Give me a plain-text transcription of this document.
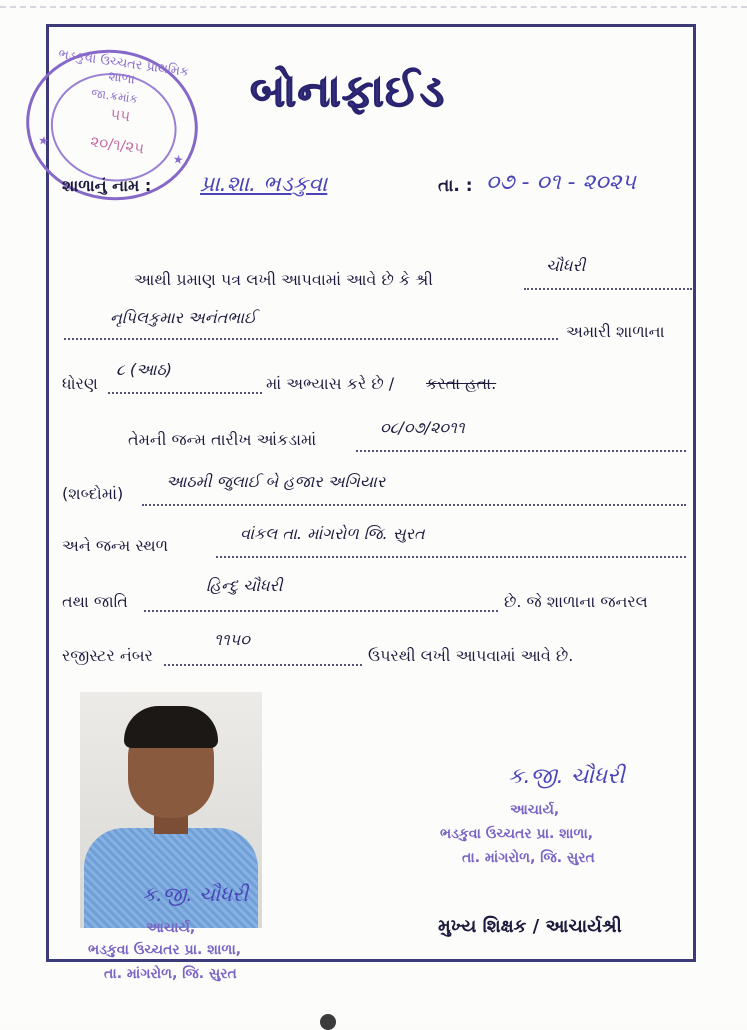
ભડકુવા ઉચ્ચતર પ્રાથમિક શાળા
જા.ક્રમાંક
૫૫
૨૦/૧/૨૫
★
★
બોનાફાઈડ
શાળાનું નામ : પ્રા.શા. ભડકુવા	તા. : ૦૭ - ૦૧ - ૨૦૨૫
આથી પ્રમાણ પત્ર લખી આપવામાં આવે છે કે શ્રી
ચૌધરી
નૃપિલકુમાર અનંતભાઈ
અમારી શાળાના
ધોરણ
૮ (આઠ)
માં અભ્યાસ કરે છે / કરતા હતા.
તેમની જન્મ તારીખ આંકડામાં
૦૮/૦૭/૨૦૧૧
(શબ્દોમાં)
આઠમી જુલાઈ બે હજાર અગિયાર
અને જન્મ સ્થળ
વાંકલ તા. માંગરોળ જિ. સુરત
તથા જાતિ
હિન્દુ ચૌધરી
છે. જે શાળાના જનરલ
રજીસ્ટર નંબર
૧૧૫૦
ઉપરથી લખી આપવામાં આવે છે.
ક.જી. ચૌધરી
આચાર્ય,
ભડકુવા ઉચ્ચતર પ્રા. શાળા,
તા. માંગરોળ, જિ. સુરત
ક.જી. ચૌધરી
આચાર્ય,
ભડકુવા ઉચ્ચતર પ્રા. શાળા,
તા. માંગરોળ, જિ. સુરત
મુખ્ય શિક્ષક / આચાર્યશ્રી
